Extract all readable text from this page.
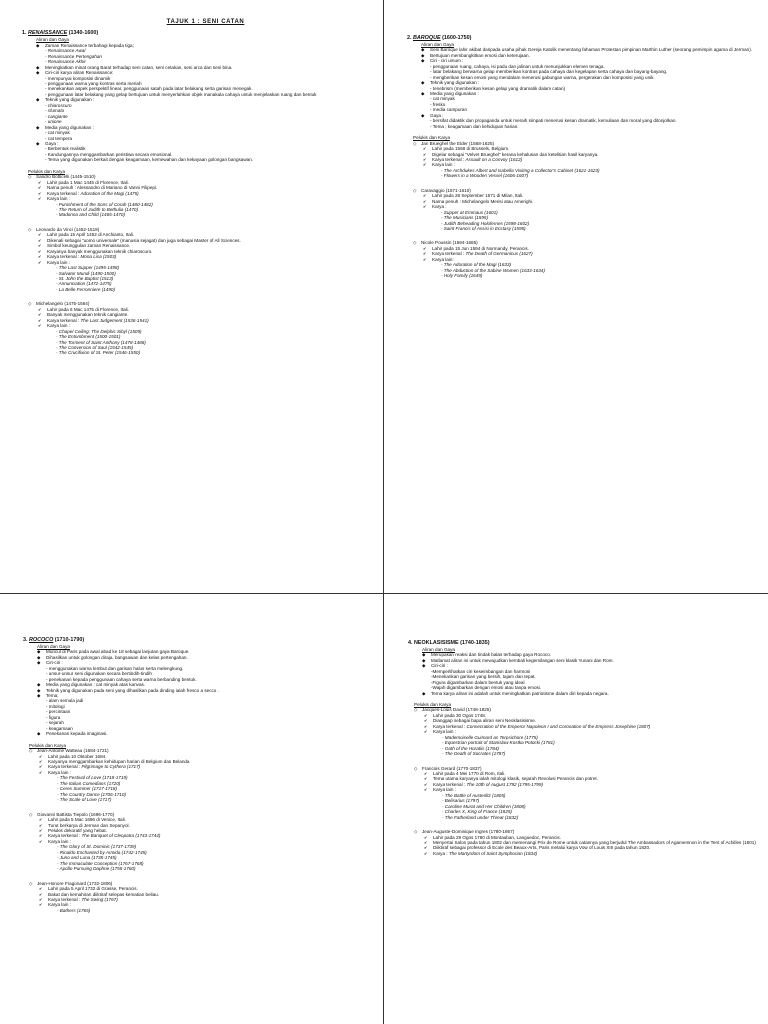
TAJUK 1 : SENI CATAN
1. RENAISSANCE (1340-1600)
Aliran dan Gaya
◆ Zaman Renaissance terbahagi kepada tiga;
- Renaissance Awal
- Renaissance Pertengahan
- Renaissance Akhir
◆ Meningkatkan minat orang Barat terhadap seni catan, seni cetakan, seni arca dan seni bina.
◆ Ciri-ciri karya aliran Renaissance:
- mempunyai komposisi dinamik
- penggunaan warna yang kontras serta meriah
- menekankan aspek perspektif linear, penggunaan satah pada latar belakang serta garisan menegak.
- penggunaan latar belakang yang gelap bertujuan untuk menyerlahkan objek manakala cahaya untuk menjelaskan ruang dan bentuk
◆ Teknik yang digunakan :
- chiaroscuro
- sfumato
- cangiante
- unione
◆ Media yang digunakan :
- cat minyak
- cat tempera
◆ Gaya :
- Berbentuk realistik
- Kandungannya menggambarkan peristiwa secara emosional.
- Tema yang digunakan berkait dengan keagamaan, kemewahan dan kekayaan golongan bangsawan.
Pelukis dan Karya
◇ Sandro Botticelli (1445-1510)
✔ Lahir pada 1 Mac 1445 di Florence, Itali.
✔ Nama penuh : Alessandro di Mariano di Vanni Filipepi.
✔ Karya terkenal : Adoration of the Magi (1475)
✔ Karya lain :
- Punishment of the Sons of Corah (1480-1482)
- The Return of Judith to Bethulia (1470)
- Madonna and Child (1465-1470)
◇ Leonardo da Vinci (1452-1519)
✔ Lahir pada 15 April 1452 di Anchianto, Itali.
✔ Dikenali sebagai "uomo universale" (manusia sejagat) dan juga sebagai Master of All Sciences.
✔ Simbol keunggulan zaman Renaissance.
✔ Karyanya banyak menggunakan teknik chiaroscuro.
✔ Karya terkenal : Mona Lisa (1503)
✔ Karya lain :
- The Last Supper (1495-1498)
- Salvator Mundi (1490-1500)
- St. John the Baptist (1513)
- Annunciation (1472-1475)
- La Belle Ferronniere (1490)
◇ Michelangelo (1475-1564)
✔ Lahir pada 6 Mac 1475 di Florence, Itali.
✔ Banyak menggunakan teknik cangiante.
✔ Karya terkenal : The Last Judgement (1536-1541)
✔ Karya lain :
- Chapel Ceiling: The Delphic Sibyl (1509)
- The Entombment (1500-1501)
- The Torment of Saint Anthony (1478-1488)
- The Conversion of Saul (1542-1545)
- The Crucifixion of St. Peter (1546-1550)
2. BAROQUE (1600-1750)
Aliran dan Gaya
◆ Seni Baroque lahir akibat daripada usaha pihak Gereja Katolik menentang fahaman Protestan pimpinan Marthin Luther (seorang pemimpin agama di Jerman).
◆ Bertujuan membangkitkan emosi dan keterujaan.
◆ Ciri - ciri umum :
- penggunaan ruang, cahaya, isi padu dan jalinan untuk menunjukkan elemen tenaga.
- latar belakang berwarna gelap memberikan kontras pada cahaya dan kegelapan serta cahaya dan bayang-bayang.
- mengberikan kesan emosi yang mendalam menerusi gabungan warna, pergerakan dan komposisi yang unik.
◆ Teknik yang digunakan :
- tenebrism (memberikan kesan gelap yang dramatik dalam catan)
◆ Media yang digunakan :
- cat minyak
- fresko
- media campuran
◆ Gaya :
- bersifat didaktik dan propaganda untuk meraih simpati menerusi kesan dramatik, kemuliaan dan moral yang ditonjolkan.
- Tema ; keagamaan dan kehidupan harian.
Pelukis dan Karya
◇ Jan Brueghel the Elder (1568-1625)
✔ Lahir pada 1568 di Brussels, Belgium.
✔ Digelar sebagai "Velvet Brueghel" kerana kehalusan dan ketelitian hasil karyanya.
✔ Karya terkenal : Assault on a Convoy (1612)
✔ Karya lain :
- The Archdukes Albert and Isabella Visiting a Collector's Cabinet (1621-1623)
- Flowers in a Wooden Vessel (1606-1607)
◇ Caravaggio (1571-1610)
✔ Lahir pada 28 September 1571 di Milan, Itali.
✔ Nama penuh : Michelangelo Merisi atau Amerighi.
✔ Karya :
- Supper at Emmaus (1601)
- The Musicians (1595)
- Judith Beheading Holofernes (1598-1602)
- Saint Francis of Assisi in Ecstasy (1595)
◇ Nicole Poussin (1594-1665)
✔ Lahir pada 15 Jun 1594 di Normandy, Perancis.
✔ Karya terkenal : The Death of Germanicus (1627)
✔ Karya lain:
- The Adoration of the Magi (1633)
- The Abduction of the Sabine Women (1633-1634)
- Holy Family (1649)
3. ROCOCO (1710-1790)
Aliran dan Gaya
◆ Muncul di Paris pada awal abad ke 18 sebagai lanjutan gaya Baroque.
◆ Dihasilkan untuk golongan diraja, bangsawan dan kelas pertengahan.
◆ Ciri-ciri :
- menggunakan warna lembut dan garisan halus serta melengkung.
- unsur-unsur seni digunakan secara bertindih-tindih
- penekanan kepada penggunaan cahaya serta warna berbanding bentuk.
◆ Media yang digunakan : cat minyak atas kanvas.
◆ Teknik yang digunakan pada seni yang dihasilkan pada dinding ialah fresco a secco .
◆ Tema;
- alam semula jadi
- mitologi
- percintaan
- figura
- sejarah
- keagamaan
◆ Penekanan kepada imaginasi.
Pelukis dan Karya
◇ Jean-Antoine Watteau (1684-1721)
✔ Lahir pada 10 Oktober 1684.
✔ Karyanya menggambarkan kehidupan harian di Belgium dan Belanda
✔ Karya terkenal : Pilgrimage to Cythera (1717)
✔ Karya lain :
- The Festival of Love (1718-1719)
- The Italian Comedians (1720)
- Ceres Summer (1717-1718)
- The Country Dance (1706-1710)
- The Scale of Love (1717)
◇ Giovanni Battista Tiepolo (1696-1770)
✔ Lahir pada 5 Mac 1696 di Venice, Itali.
✔ Turut berkarya di Jerman dan Sepanyol.
✔ Pelukis dekoratif yang hebat.
✔ Karya terkenal : The Banquet of Cleopatra (1743-1744)
✔ Karya lain :
- The Glory of St. Dominic (1737-1739)
- Rinaldo Enchanted by Armida (1742-1745)
- Juno and Luna (1735-1745)
- The Immaculate Conception (1767-1768)
- Apollo Pursuing Daphne (1755-1760)
◇ Jean-Honore Fragonard (1732-1806)
✔ Lahir pada 5 April 1732 di Grasse, Perancis.
✔ Bakat dan kemahiran diiktiraf selepas kematian beliau.
✔ Karya terkenal : The Swing (1767)
✔ Karya lain :
- Bathers (1765)
4. NEOKLASISISME (1740-1835)
Aliran dan Gaya
◆ Merupakan reaksi dan tindak balas terhadap gaya Rococo.
◆ Matlamat aliran ini untuk mewujudkan kembali kegemilangan seni klasik Yunani dan Rom.
◆ Ciri-ciri :
-Memperlihatkan ciri keseimbangan dan harmoni
-Menekankan garisan yang bersih, tajam dan tepat.
-Figura digambarkan dalam bentuk yang ideal
-Wajah digambarkan dengan emosi atau tanpa emosi.
◆ Tema karya aliran ini adalah untuk meningkatkan patriotisme dalam diri kepada negara.
Pelukis dan Karya
◇ Jacques-Louis David (1748-1825)
✔ Lahir pada 30 Ogos 1748.
✔ Dianggap sebagai bapa aliran seni Neoklasisisme.
✔ Karya terkenal : Consecration of the Emperor Napoleon I and Coronation of the Empress Josephine (1807)
✔ Karya lain :
- Mademoiselle Guimard as Terpsichore (1775)
- Equestrian portrait of Stanislaw Kostka Potocki (1781)
- Oath of the Horatiis (1784)
- The Death of Socrates (1787)
◇ Francois Gerard (1770-1837)
✔ Lahir pada 4 Mei 1770 di Rom, Itali.
✔ Tema utama karyanya ialah mitologi klasik, sejarah Revolusi Perancis dan potret.
✔ Karya terkenal : The 10th of August 1792 (1795-1799)
✔ Karya lain :
- The Battle of Austerlitz (1805)
- Belisarius (1797)
- Caroline Murat and Her Children (1808)
- Charles X, King of France (1825)
- The Fatherland under Threat (1832)
◇ Jean-Auguste-Dominique Ingres (1780-1867)
✔ Lahir pada 29 Ogos 1780 di Montauban, Languedoc, Perancis.
✔ Menyertai Salon pada tahun 1802 dan memenangi Prix de Rome untuk catannya yang berjudul The Ambassadors of Agamemnon in the Tent of Achilles (1801)
✔ Diiktiraf sebagai professor di Ecole des Beaux-Arts, Paris melalui karya Vow of Louis XIII pada tahun 1820.
✔ Karya : The Martyrdom of Saint Symphorian (1834)
